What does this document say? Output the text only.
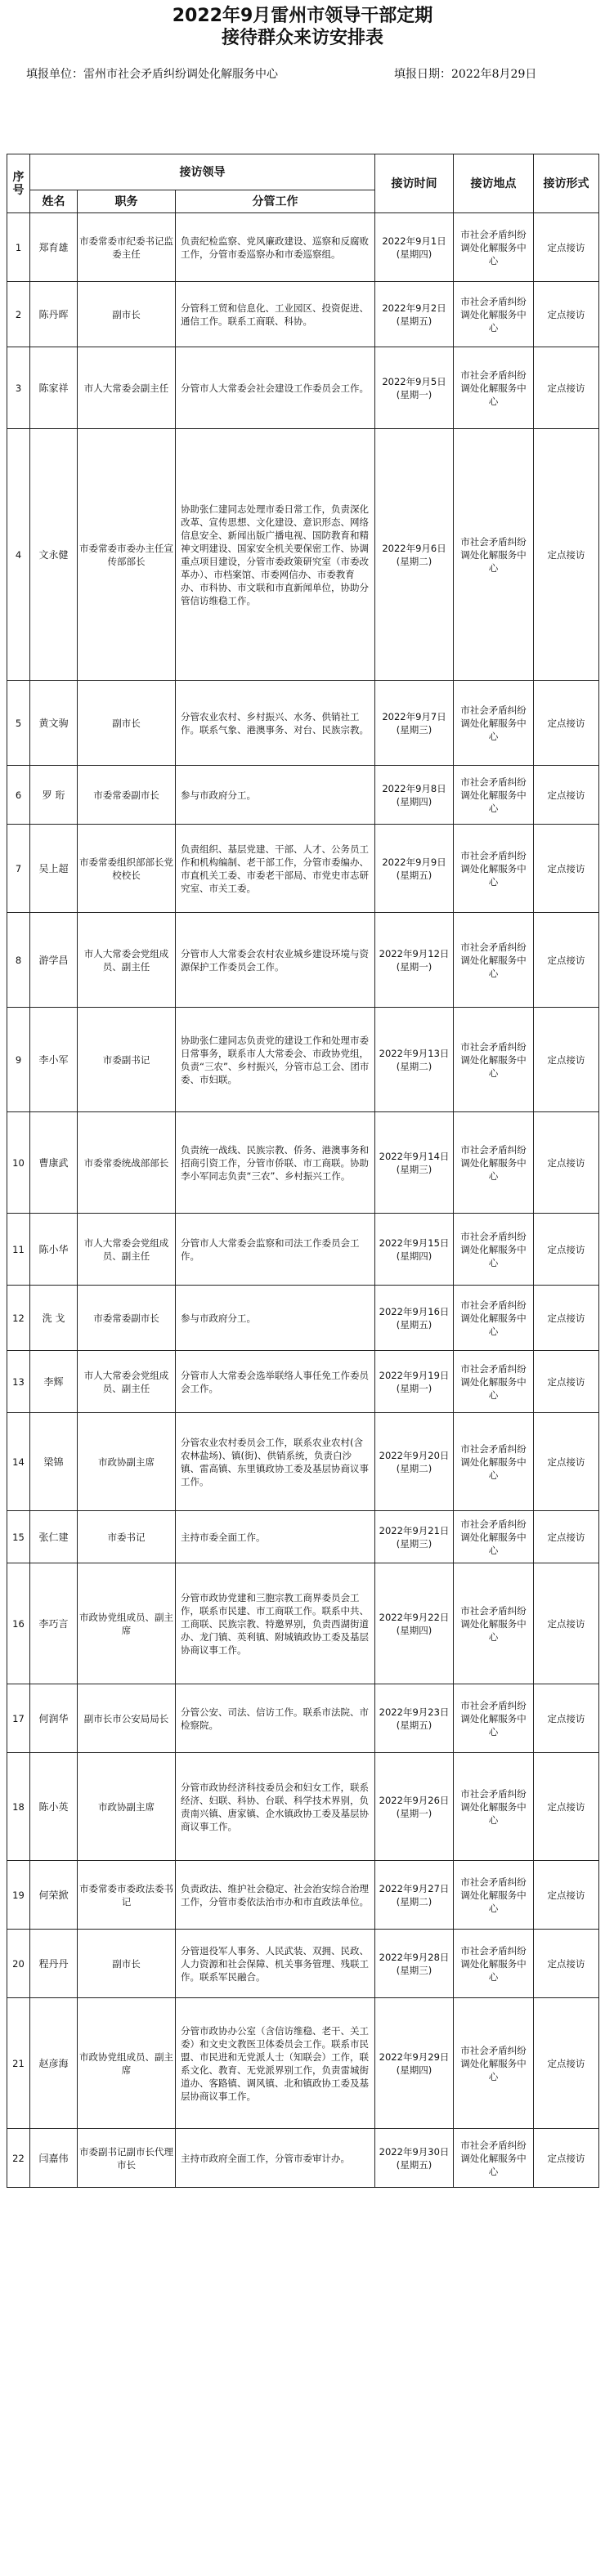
2022年9月雷州市领导干部定期
接待群众来访安排表
填报单位：雷州市社会矛盾纠纷调处化解服务中心	填报日期：2022年8月29日
序号	接访领导			接访时间	接访地点	接访形式
	姓名	职务	分管工作			
1	郑育雄	市委常委市纪委书记监委主任	负责纪检监察、党风廉政建设、巡察和反腐败工作，分管市委巡察办和市委巡察组。	2022年9月1日(星期四)	市社会矛盾纠纷调处化解服务中心	定点接访
2	陈丹晖	副市长	分管科工贸和信息化、工业园区、投资促进、通信工作。联系工商联、科协。	2022年9月2日(星期五)	市社会矛盾纠纷调处化解服务中心	定点接访
3	陈家祥	市人大常委会副主任	分管市人大常委会社会建设工作委员会工作。	2022年9月5日(星期一)	市社会矛盾纠纷调处化解服务中心	定点接访
4	文永健	市委常委市委办主任宣传部部长	协助张仁建同志处理市委日常工作，负责深化改革、宣传思想、文化建设、意识形态、网络信息安全、新闻出版广播电视、国防教育和精神文明建设、国家安全机关要保密工作、协调重点项目建设，分管市委政策研究室（市委改革办）、市档案馆、市委网信办、市委教育办、市科协、市文联和市直新闻单位，协助分管信访维稳工作。	2022年9月6日(星期二)	市社会矛盾纠纷调处化解服务中心	定点接访
5	黄文驹	副市长	分管农业农村、乡村振兴、水务、供销社工作。联系气象、港澳事务、对台、民族宗教。	2022年9月7日(星期三)	市社会矛盾纠纷调处化解服务中心	定点接访
6	罗 珩	市委常委副市长	参与市政府分工。	2022年9月8日(星期四)	市社会矛盾纠纷调处化解服务中心	定点接访
7	吴上超	市委常委组织部部长党校校长	负责组织、基层党建、干部、人才、公务员工作和机构编制、老干部工作，分管市委编办、市直机关工委、市委老干部局、市党史市志研究室、市关工委。	2022年9月9日(星期五)	市社会矛盾纠纷调处化解服务中心	定点接访
8	游学昌	市人大常委会党组成员、副主任	分管市人大常委会农村农业城乡建设环境与资源保护工作委员会工作。	2022年9月12日(星期一)	市社会矛盾纠纷调处化解服务中心	定点接访
9	李小军	市委副书记	协助张仁建同志负责党的建设工作和处理市委日常事务，联系市人大常委会、市政协党组，负责“三农”、乡村振兴，分管市总工会、团市委、市妇联。	2022年9月13日(星期二)	市社会矛盾纠纷调处化解服务中心	定点接访
10	曹康武	市委常委统战部部长	负责统一战线、民族宗教、侨务、港澳事务和招商引资工作，分管市侨联、市工商联。协助李小军同志负责“三农”、乡村振兴工作。	2022年9月14日(星期三)	市社会矛盾纠纷调处化解服务中心	定点接访
11	陈小华	市人大常委会党组成员、副主任	分管市人大常委会监察和司法工作委员会工作。	2022年9月15日(星期四)	市社会矛盾纠纷调处化解服务中心	定点接访
12	洗 戈	市委常委副市长	参与市政府分工。	2022年9月16日(星期五)	市社会矛盾纠纷调处化解服务中心	定点接访
13	李辉	市人大常委会党组成员、副主任	分管市人大常委会选举联络人事任免工作委员会工作。	2022年9月19日(星期一)	市社会矛盾纠纷调处化解服务中心	定点接访
14	梁锦	市政协副主席	分管农业农村委员会工作，联系农业农村(含农林盐场)、镇(街)、供销系统，负责白沙镇、雷高镇、东里镇政协工委及基层协商议事工作。	2022年9月20日(星期二)	市社会矛盾纠纷调处化解服务中心	定点接访
15	张仁建	市委书记	主持市委全面工作。	2022年9月21日(星期三)	市社会矛盾纠纷调处化解服务中心	定点接访
16	李巧言	市政协党组成员、副主席	分管市政协党建和三胞宗教工商界委员会工作，联系市民建、市工商联工作。联系中共、工商联、民族宗教、特邀界别，负责西湖街道办、龙门镇、英利镇、附城镇政协工委及基层协商议事工作。	2022年9月22日(星期四)	市社会矛盾纠纷调处化解服务中心	定点接访
17	何润华	副市长市公安局局长	分管公安、司法、信访工作。联系市法院、市检察院。	2022年9月23日(星期五)	市社会矛盾纠纷调处化解服务中心	定点接访
18	陈小英	市政协副主席	分管市政协经济科技委员会和妇女工作，联系经济、妇联、科协、台联、科学技术界别，负责南兴镇、唐家镇、企水镇政协工委及基层协商议事工作。	2022年9月26日(星期一)	市社会矛盾纠纷调处化解服务中心	定点接访
19	何荣掀	市委常委市委政法委书记	负责政法、维护社会稳定、社会治安综合治理工作，分管市委依法治市办和市直政法单位。	2022年9月27日(星期二)	市社会矛盾纠纷调处化解服务中心	定点接访
20	程丹丹	副市长	分管退役军人事务、人民武装、双拥、民政、人力资源和社会保障、机关事务管理、残联工作。联系军民融合。	2022年9月28日(星期三)	市社会矛盾纠纷调处化解服务中心	定点接访
21	赵彦海	市政协党组成员、副主席	分管市政协办公室（含信访维稳、老干、关工委）和文史文教医卫体委员会工作。联系市民盟、市民进和无党派人士（知联会）工作，联系文化、教育、无党派界别工作，负责雷城街道办、客路镇、调风镇、北和镇政协工委及基层协商议事工作。	2022年9月29日(星期四)	市社会矛盾纠纷调处化解服务中心	定点接访
22	闫嘉伟	市委副书记副市长代理市长	主持市政府全面工作，分管市委审计办。	2022年9月30日(星期五)	市社会矛盾纠纷调处化解服务中心	定点接访
